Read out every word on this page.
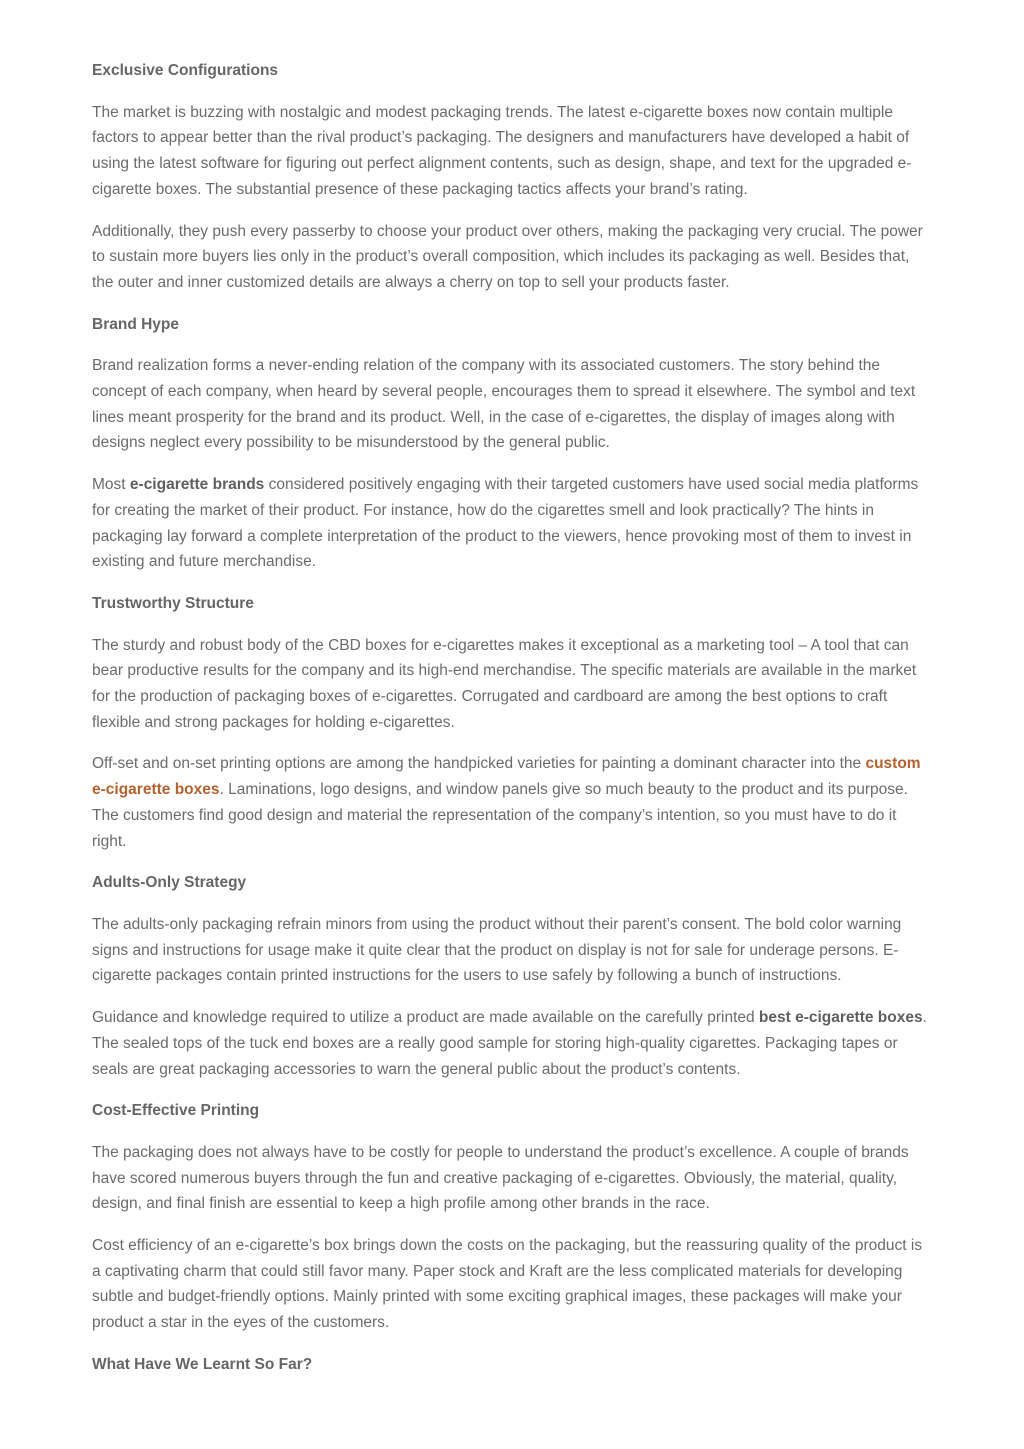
Exclusive Configurations

The market is buzzing with nostalgic and modest packaging trends. The latest e-cigarette boxes now contain multiple factors to appear better than the rival product’s packaging. The designers and manufacturers have developed a habit of using the latest software for figuring out perfect alignment contents, such as design, shape, and text for the upgraded e-cigarette boxes. The substantial presence of these packaging tactics affects your brand’s rating.

Additionally, they push every passerby to choose your product over others, making the packaging very crucial. The power to sustain more buyers lies only in the product’s overall composition, which includes its packaging as well. Besides that, the outer and inner customized details are always a cherry on top to sell your products faster.

Brand Hype

Brand realization forms a never-ending relation of the company with its associated customers. The story behind the concept of each company, when heard by several people, encourages them to spread it elsewhere. The symbol and text lines meant prosperity for the brand and its product. Well, in the case of e-cigarettes, the display of images along with designs neglect every possibility to be misunderstood by the general public.

Most e-cigarette brands considered positively engaging with their targeted customers have used social media platforms for creating the market of their product. For instance, how do the cigarettes smell and look practically? The hints in packaging lay forward a complete interpretation of the product to the viewers, hence provoking most of them to invest in existing and future merchandise.

Trustworthy Structure

The sturdy and robust body of the CBD boxes for e-cigarettes makes it exceptional as a marketing tool – A tool that can bear productive results for the company and its high-end merchandise. The specific materials are available in the market for the production of packaging boxes of e-cigarettes. Corrugated and cardboard are among the best options to craft flexible and strong packages for holding e-cigarettes.

Off-set and on-set printing options are among the handpicked varieties for painting a dominant character into the custom e-cigarette boxes. Laminations, logo designs, and window panels give so much beauty to the product and its purpose. The customers find good design and material the representation of the company’s intention, so you must have to do it right.

Adults-Only Strategy

The adults-only packaging refrain minors from using the product without their parent’s consent. The bold color warning signs and instructions for usage make it quite clear that the product on display is not for sale for underage persons. E-cigarette packages contain printed instructions for the users to use safely by following a bunch of instructions.

Guidance and knowledge required to utilize a product are made available on the carefully printed best e-cigarette boxes. The sealed tops of the tuck end boxes are a really good sample for storing high-quality cigarettes. Packaging tapes or seals are great packaging accessories to warn the general public about the product’s contents.

Cost-Effective Printing

The packaging does not always have to be costly for people to understand the product’s excellence. A couple of brands have scored numerous buyers through the fun and creative packaging of e-cigarettes. Obviously, the material, quality, design, and final finish are essential to keep a high profile among other brands in the race.

Cost efficiency of an e-cigarette’s box brings down the costs on the packaging, but the reassuring quality of the product is a captivating charm that could still favor many. Paper stock and Kraft are the less complicated materials for developing subtle and budget-friendly options. Mainly printed with some exciting graphical images, these packages will make your product a star in the eyes of the customers.

What Have We Learnt So Far?
